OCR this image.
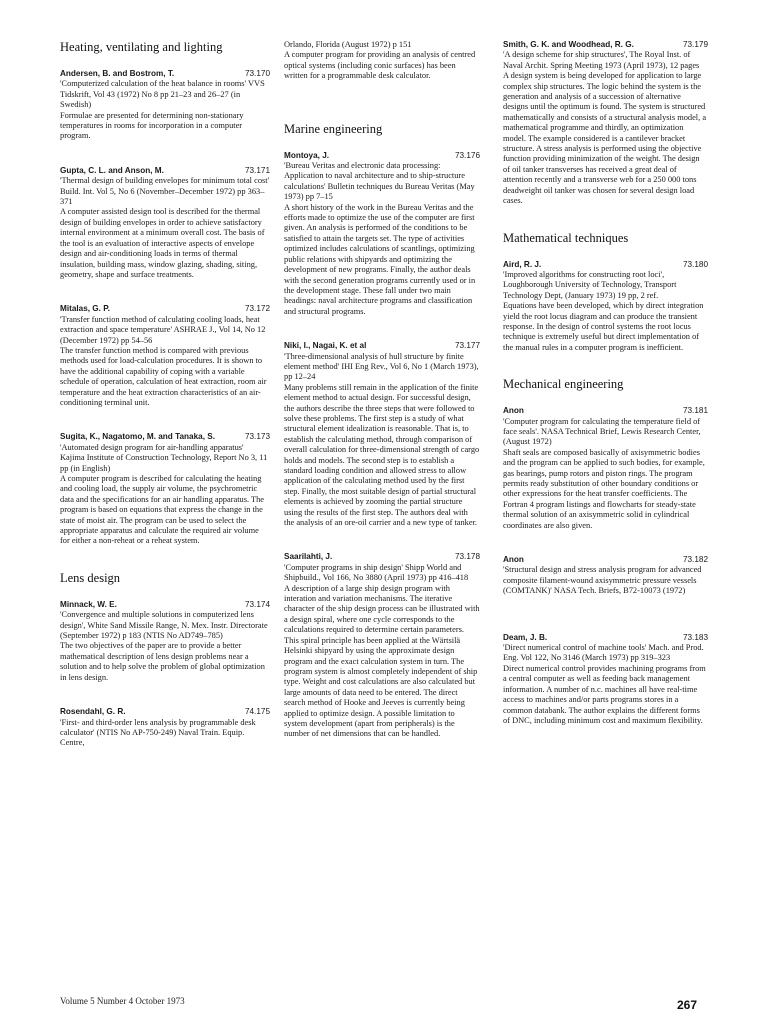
Heating, ventilating and lighting
Andersen, B. and Bostrom, T.	73.170

'Computerized calculation of the heat balance in rooms' VVS Tidskrift, Vol 43 (1972) No 8 pp 21–23 and 26–27 (in Swedish)

Formulae are presented for determining non-stationary temperatures in rooms for incorporation in a computer program.

Gupta, C. L. and Anson, M.	73.171

'Thermal design of building envelopes for minimum total cost' Build. Int. Vol 5, No 6 (November–December 1972) pp 363–371

A computer assisted design tool is described for the thermal design of building envelopes in order to achieve satisfactory internal environment at a minimum overall cost. The basis of the tool is an evaluation of interactive aspects of envelope design and air-conditioning loads in terms of thermal insulation, building mass, window glazing, shading, siting, geometry, shape and surface treatments.

Mitalas, G. P.	73.172

'Transfer function method of calculating cooling loads, heat extraction and space temperature' ASHRAE J., Vol 14, No 12 (December 1972) pp 54–56

The transfer function method is compared with previous methods used for load-calculation procedures. It is shown to have the additional capability of coping with a variable schedule of operation, calculation of heat extraction, room air temperature and the heat extraction characteristics of an air-conditioning terminal unit.

Sugita, K., Nagatomo, M. and Tanaka, S.	73.173

'Automated design program for air-handling apparatus' Kajima Institute of Construction Technology, Report No 3, 11 pp (in English)

A computer program is described for calculating the heating and cooling load, the supply air volume, the psychrometric data and the specifications for an air handling apparatus. The program is based on equations that express the change in the state of moist air. The program can be used to select the appropriate apparatus and calculate the required air volume for either a non-reheat or a reheat system.

Lens design
Minnack, W. E.	73.174

'Convergence and multiple solutions in computerized lens design', White Sand Missile Range, N. Mex. Instr. Directorate (September 1972) p 183 (NTIS No AD749–785)

The two objectives of the paper are to provide a better mathematical description of lens design problems near a solution and to help solve the problem of global optimization in lens design.

Rosendahl, G. R.	74.175

'First- and third-order lens analysis by programmable desk calculator' (NTIS No AP-750-249) Naval Train. Equip. Centre,

Orlando, Florida (August 1972) p 151

A computer program for providing an analysis of centred optical systems (including conic surfaces) has been written for a programmable desk calculator.

Marine engineering
Montoya, J.	73.176

'Bureau Veritas and electronic data processing: Application to naval architecture and to ship-structure calculations' Bulletin techniques du Bureau Veritas (May 1973) pp 7–15

A short history of the work in the Bureau Veritas and the efforts made to optimize the use of the computer are first given. An analysis is performed of the conditions to be satisfied to attain the targets set. The type of activities optimized includes calculations of scantlings, optimizing public relations with shipyards and optimizing the development of new programs. Finally, the author deals with the second generation programs currently used or in the development stage. These fall under two main headings: naval architecture programs and classification and structural programs.

Niki, I., Nagai, K. et al	73.177

'Three-dimensional analysis of hull structure by finite element method' IHI Eng Rev., Vol 6, No 1 (March 1973), pp 12–24

Many problems still remain in the application of the finite element method to actual design. For successful design, the authors describe the three steps that were followed to solve these problems. The first step is a study of what structural element idealization is reasonable. That is, to establish the calculating method, through comparison of overall calculation for three-dimensional strength of cargo holds and models. The second step is to establish a standard loading condition and allowed stress to allow application of the calculating method used by the first step. Finally, the most suitable design of partial structural elements is achieved by zooming the partial structure using the results of the first step. The authors deal with the analysis of an ore-oil carrier and a new type of tanker.

Saarilahti, J.	73.178

'Computer programs in ship design' Shipp World and Shipbuild., Vol 166, No 3880 (April 1973) pp 416–418

A description of a large ship design program with interation and variation mechanisms. The iterative character of the ship design process can be illustrated with a design spiral, where one cycle corresponds to the calculations required to determine certain parameters. This spiral principle has been applied at the Wärtsilä Helsinki shipyard by using the approximate design program and the exact calculation system in turn. The program system is almost completely independent of ship type. Weight and cost calculations are also calculated but large amounts of data need to be entered. The direct search method of Hooke and Jeeves is currently being applied to optimize design. A possible limitation to system development (apart from peripherals) is the number of net dimensions that can be handled.

Smith, G. K. and Woodhead, R. G.	73.179

'A design scheme for ship structures', The Royal Inst. of Naval Archit. Spring Meeting 1973 (April 1973), 12 pages

A design system is being developed for application to large complex ship structures. The logic behind the system is the generation and analysis of a succession of alternative designs until the optimum is found. The system is structured mathematically and consists of a structural analysis model, a mathematical programme and thirdly, an optimization model. The example considered is a cantilever bracket structure. A stress analysis is performed using the objective function providing minimization of the weight. The design of oil tanker transverses has received a great deal of attention recently and a transverse web for a 250 000 tons deadweight oil tanker was chosen for several design load cases.

Mathematical techniques
Aird, R. J.	73.180

'Improved algorithms for constructing root loci', Loughborough University of Technology, Transport Technology Dept, (January 1973) 19 pp, 2 ref.

Equations have been developed, which by direct integration yield the root locus diagram and can produce the transient response. In the design of control systems the root locus technique is extremely useful but direct implementation of the manual rules in a computer program is inefficient.

Mechanical engineering
Anon	73.181

'Computer program for calculating the temperature field of face seals'. NASA Technical Brief, Lewis Research Center, (August 1972)

Shaft seals are composed basically of axisymmetric bodies and the program can be applied to such bodies, for example, gas bearings, pump rotors and piston rings. The program permits ready substitution of other boundary conditions or other expressions for the heat transfer coefficients. The Fortran 4 program listings and flowcharts for steady-state thermal solution of an axisymmetric solid in cylindrical coordinates are also given.

Anon	73.182

'Structural design and stress analysis program for advanced composite filament-wound axisymmetric pressure vessels (COMTANK)' NASA Tech. Briefs, B72-10073 (1972)

Deam, J. B.	73.183

'Direct numerical control of machine tools' Mach. and Prod. Eng. Vol 122, No 3146 (March 1973) pp 319–323

Direct numerical control provides machining programs from a central computer as well as feeding back management information. A number of n.c. machines all have real-time access to machines and/or parts programs stores in a common databank. The author explains the different forms of DNC, including minimum cost and maximum flexibility.

Volume 5 Number 4 October 1973	267
